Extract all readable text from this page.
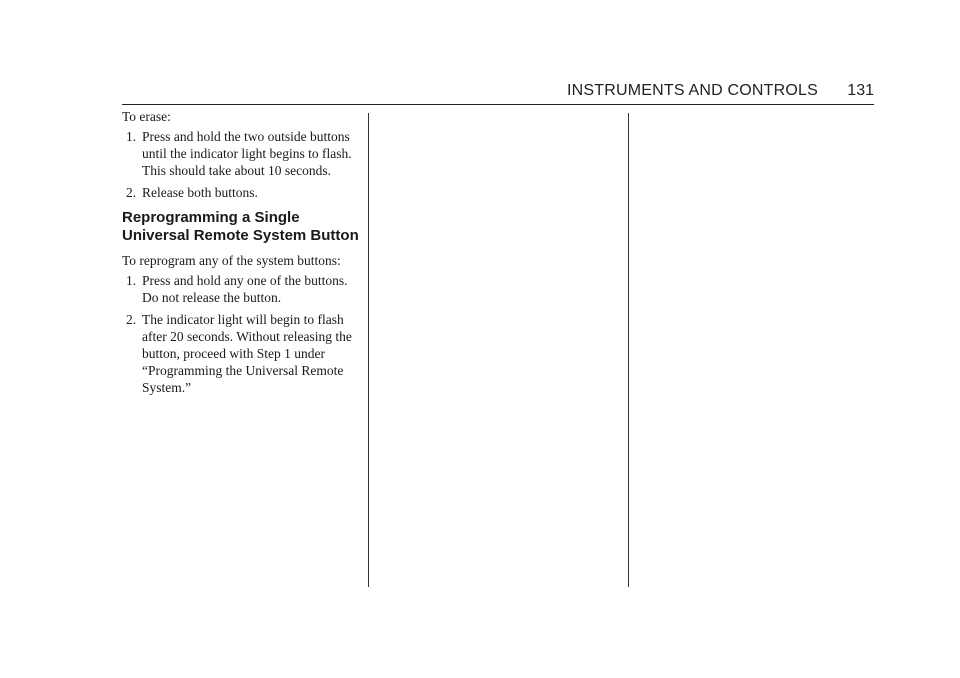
INSTRUMENTS AND CONTROLS 131

To erase:

1. Press and hold the two outside buttons until the indicator light begins to flash. This should take about 10 seconds.
2. Release both buttons.
Reprogramming a Single Universal Remote System Button

To reprogram any of the system buttons:

1. Press and hold any one of the buttons. Do not release the button.
2. The indicator light will begin to flash after 20 seconds. Without releasing the button, proceed with Step 1 under “Programming the Universal Remote System.”
